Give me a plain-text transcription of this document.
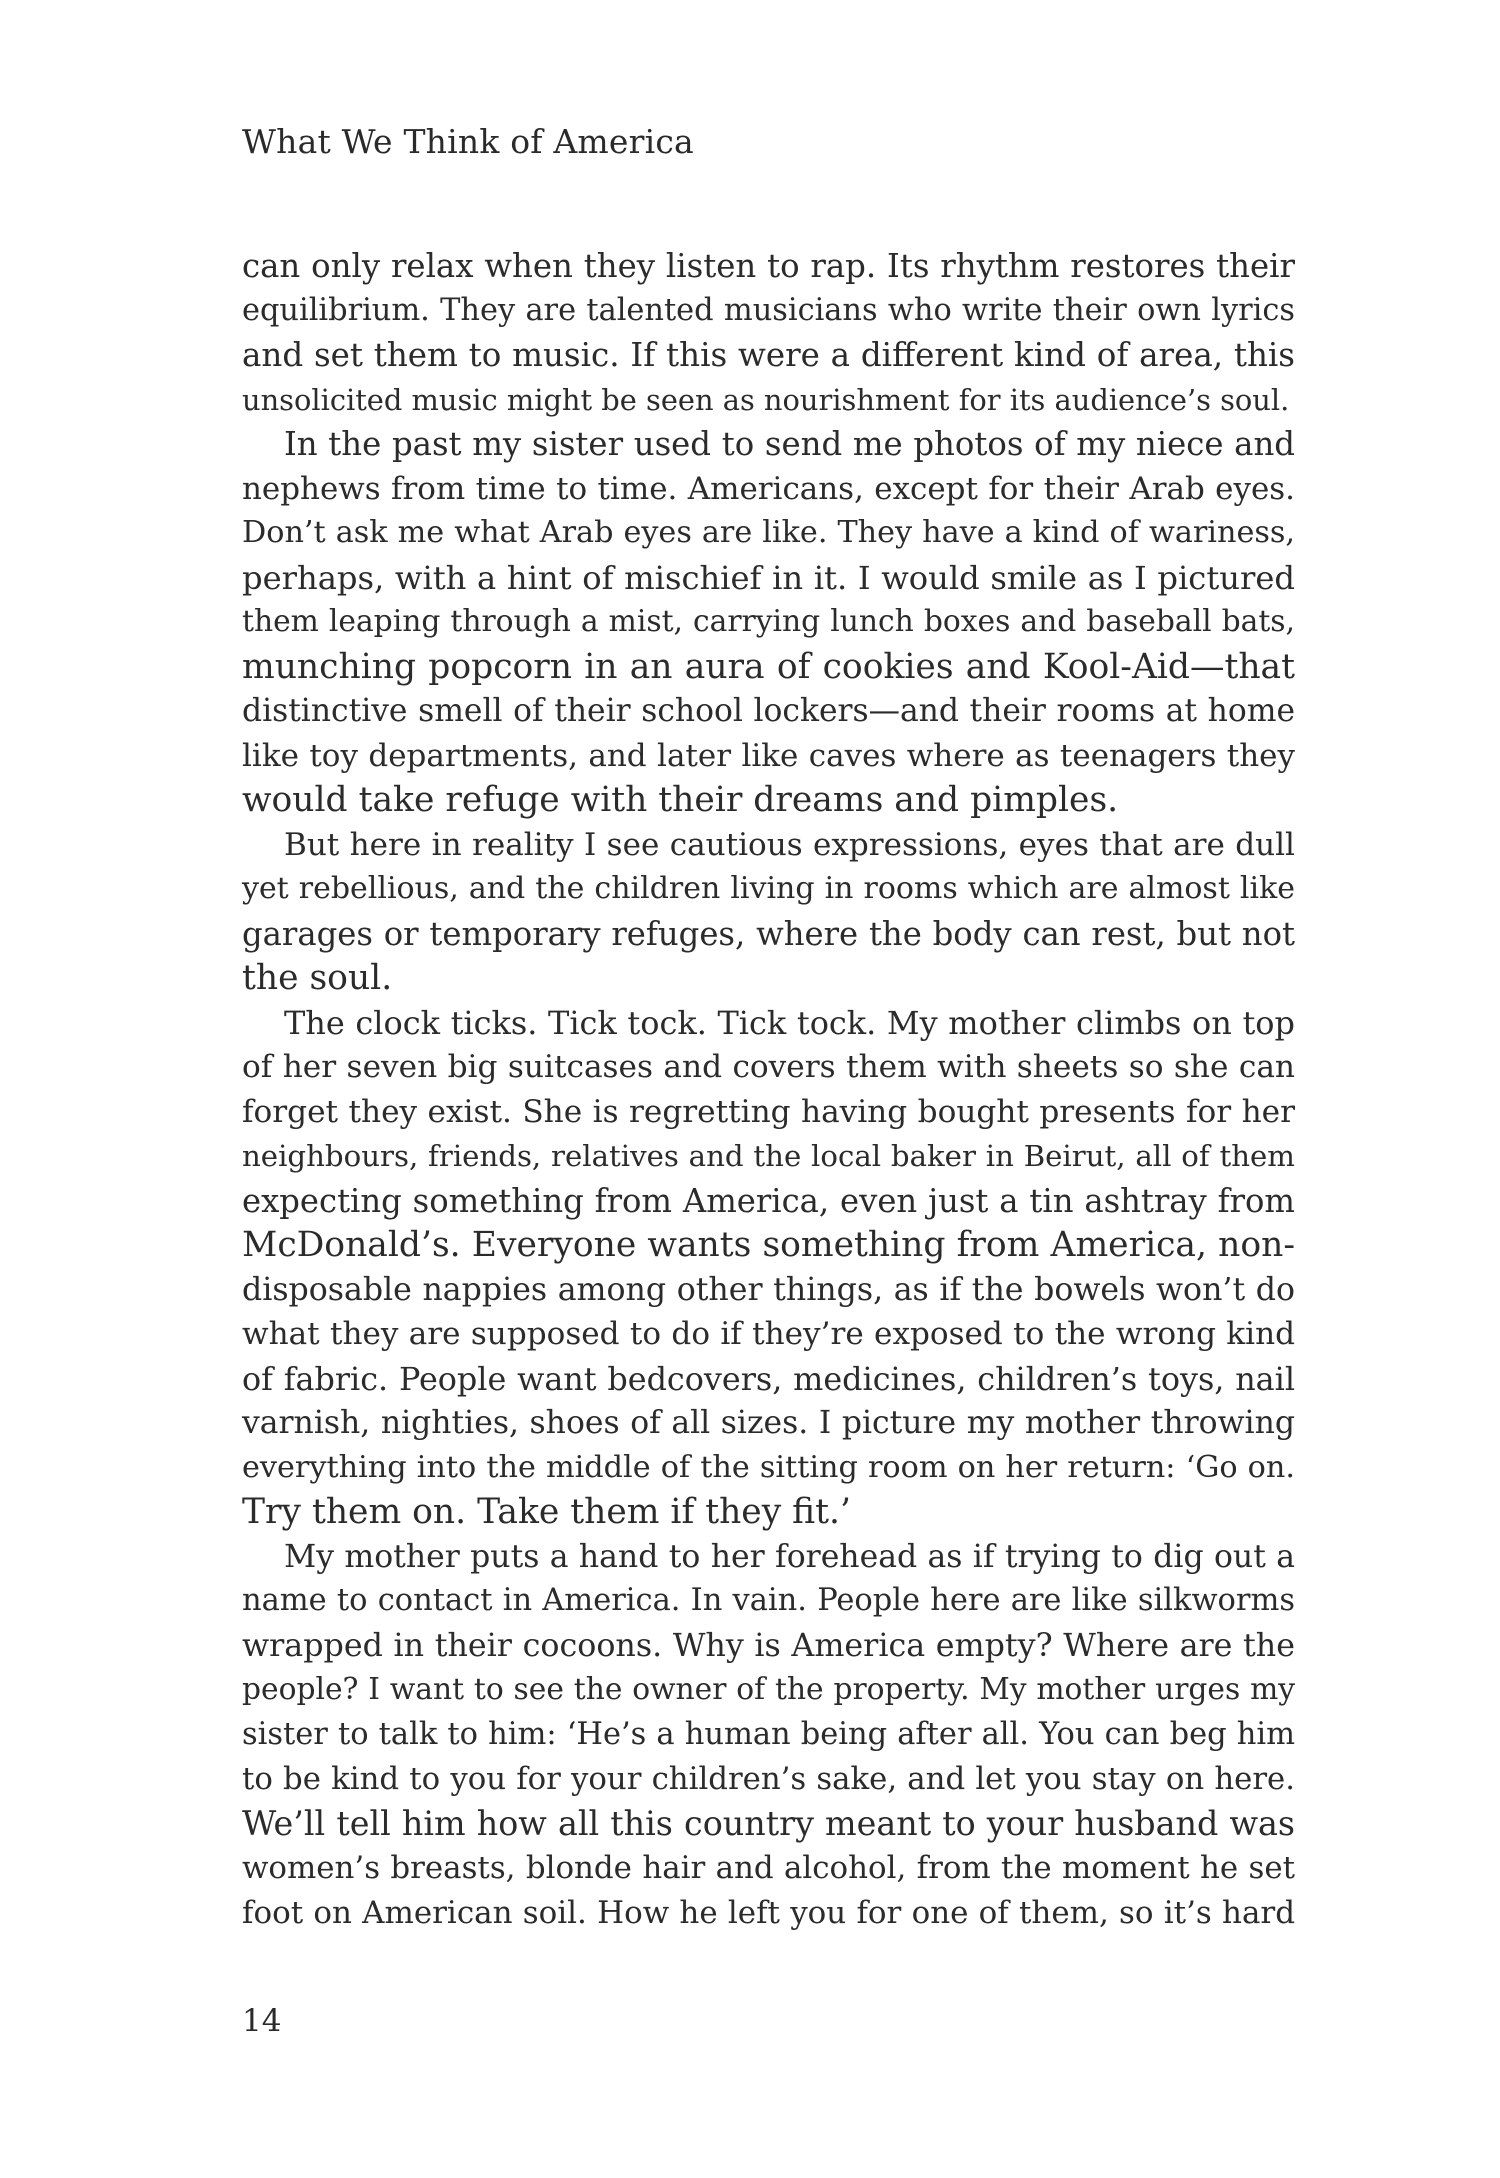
What We Think of America
can only relax when they listen to rap. Its rhythm restores their
equilibrium. They are talented musicians who write their own lyrics
and set them to music. If this were a different kind of area, this
unsolicited music might be seen as nourishment for its audience’s soul.
In the past my sister used to send me photos of my niece and
nephews from time to time. Americans, except for their Arab eyes.
Don’t ask me what Arab eyes are like. They have a kind of wariness,
perhaps, with a hint of mischief in it. I would smile as I pictured
them leaping through a mist, carrying lunch boxes and baseball bats,
munching popcorn in an aura of cookies and Kool-Aid—that
distinctive smell of their school lockers—and their rooms at home
like toy departments, and later like caves where as teenagers they
would take refuge with their dreams and pimples.
But here in reality I see cautious expressions, eyes that are dull
yet rebellious, and the children living in rooms which are almost like
garages or temporary refuges, where the body can rest, but not
the soul.
The clock ticks. Tick tock. Tick tock. My mother climbs on top
of her seven big suitcases and covers them with sheets so she can
forget they exist. She is regretting having bought presents for her
neighbours, friends, relatives and the local baker in Beirut, all of them
expecting something from America, even just a tin ashtray from
McDonald’s. Everyone wants something from America, non-
disposable nappies among other things, as if the bowels won’t do
what they are supposed to do if they’re exposed to the wrong kind
of fabric. People want bedcovers, medicines, children’s toys, nail
varnish, nighties, shoes of all sizes. I picture my mother throwing
everything into the middle of the sitting room on her return: ‘Go on.
Try them on. Take them if they fit.’
My mother puts a hand to her forehead as if trying to dig out a
name to contact in America. In vain. People here are like silkworms
wrapped in their cocoons. Why is America empty? Where are the
people? I want to see the owner of the property. My mother urges my
sister to talk to him: ‘He’s a human being after all. You can beg him
to be kind to you for your children’s sake, and let you stay on here.
We’ll tell him how all this country meant to your husband was
women’s breasts, blonde hair and alcohol, from the moment he set
foot on American soil. How he left you for one of them, so it’s hard
14
